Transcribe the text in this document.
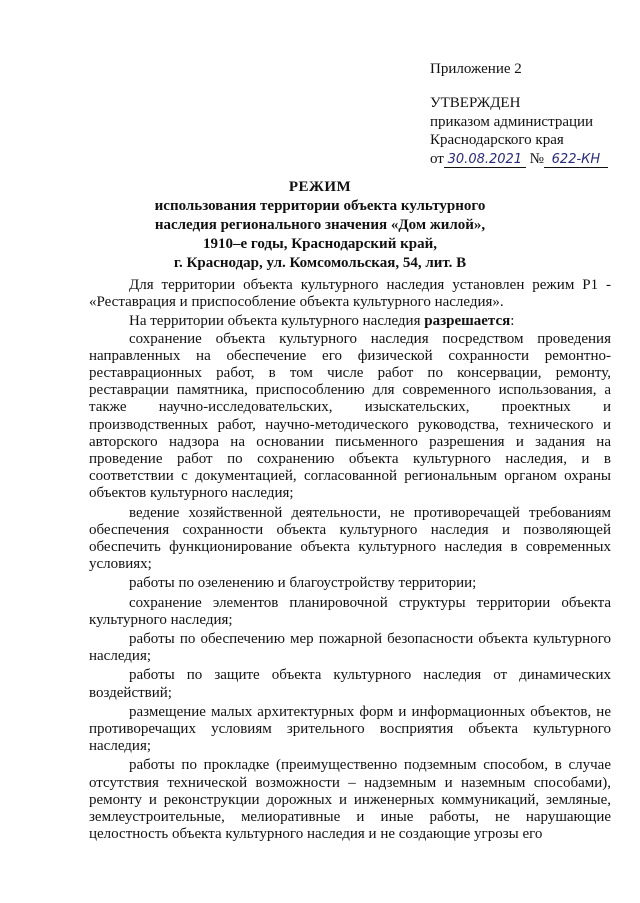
Приложение 2
УТВЕРЖДЕН
приказом администрации
Краснодарского края
от 30.08.2021 № 622-КН
РЕЖИМ
использования территории объекта культурного
наследия регионального значения «Дом жилой»,
1910–е годы, Краснодарский край,
г. Краснодар, ул. Комсомольская, 54, лит. В

Для территории объекта культурного наследия установлен режим Р1 - «Реставрация и приспособление объекта культурного наследия».

На территории объекта культурного наследия разрешается:

сохранение объекта культурного наследия посредством проведения направленных на обеспечение его физической сохранности ремонтно-реставрационных работ, в том числе работ по консервации, ремонту, реставрации памятника, приспособлению для современного использования, а также научно-исследовательских, изыскательских, проектных и производственных работ, научно-методического руководства, технического и авторского надзора на основании письменного разрешения и задания на проведение работ по сохранению объекта культурного наследия, и в соответствии с документацией, согласованной региональным органом охраны объектов культурного наследия;

ведение хозяйственной деятельности, не противоречащей требованиям обеспечения сохранности объекта культурного наследия и позволяющей обеспечить функционирование объекта культурного наследия в современных условиях;

работы по озеленению и благоустройству территории;

сохранение элементов планировочной структуры территории объекта культурного наследия;

работы по обеспечению мер пожарной безопасности объекта культурного наследия;

работы по защите объекта культурного наследия от динамических воздействий;

размещение малых архитектурных форм и информационных объектов, не противоречащих условиям зрительного восприятия объекта культурного наследия;

работы по прокладке (преимущественно подземным способом, в случае отсутствия технической возможности – надземным и наземным способами), ремонту и реконструкции дорожных и инженерных коммуникаций, земляные, землеустроительные, мелиоративные и иные работы, не нарушающие целостность объекта культурного наследия и не создающие угрозы его
